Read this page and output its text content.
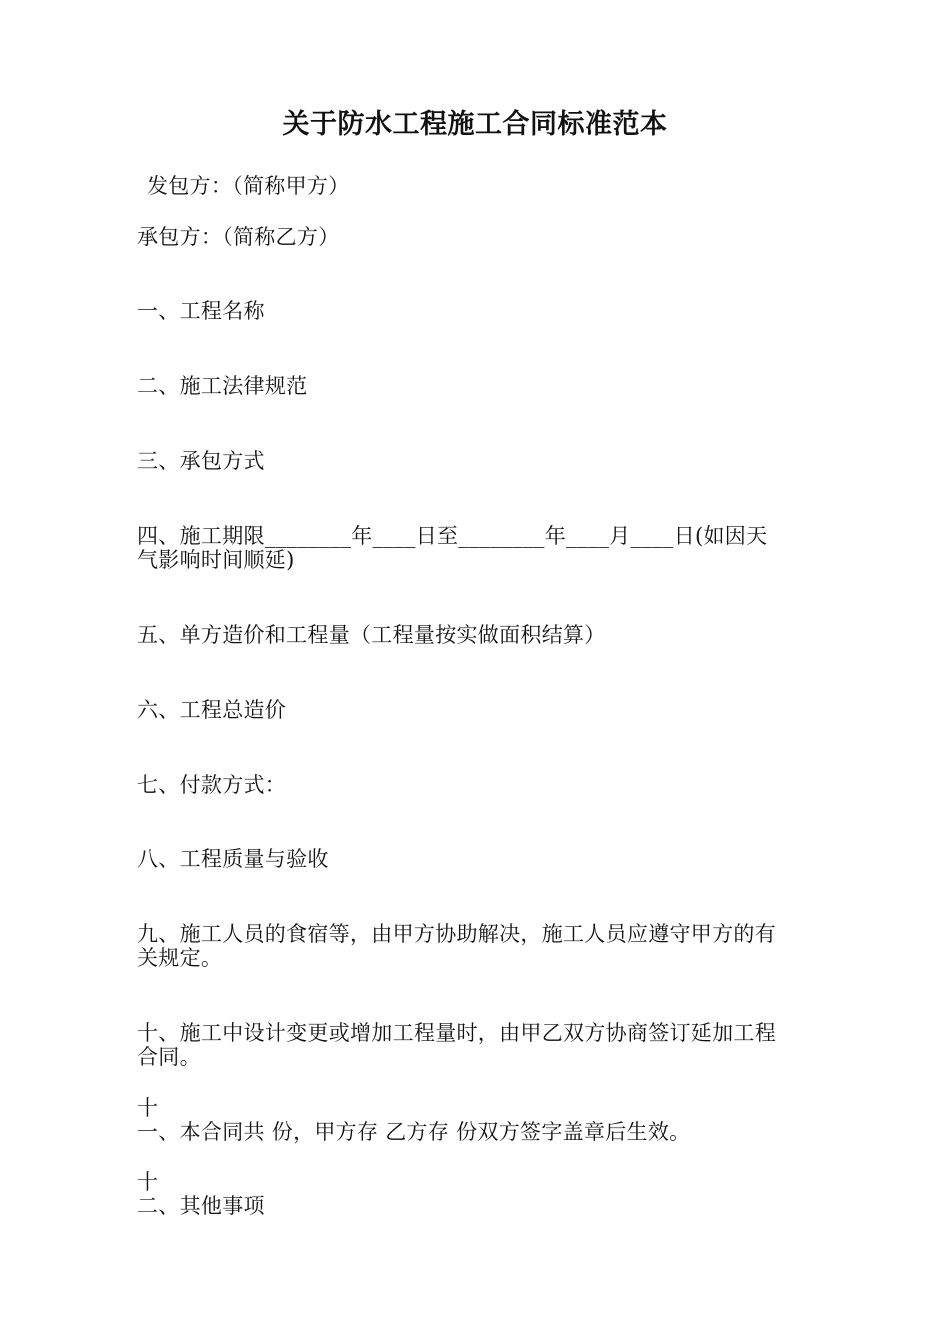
关于防水工程施工合同标准范本
发包方：（简称甲方）
承包方：（简称乙方）
一、工程名称
二、施工法律规范
三、承包方式
四、施工期限________年____日至________年____月____日(如因天
气影响时间顺延)
五、单方造价和工程量（工程量按实做面积结算）
六、工程总造价
七、付款方式：
八、工程质量与验收
九、施工人员的食宿等，由甲方协助解决，施工人员应遵守甲方的有
关规定。
十、施工中设计变更或增加工程量时，由甲乙双方协商签订延加工程
合同。
十
一、本合同共 份，甲方存 乙方存 份双方签字盖章后生效。
十
二、其他事项
